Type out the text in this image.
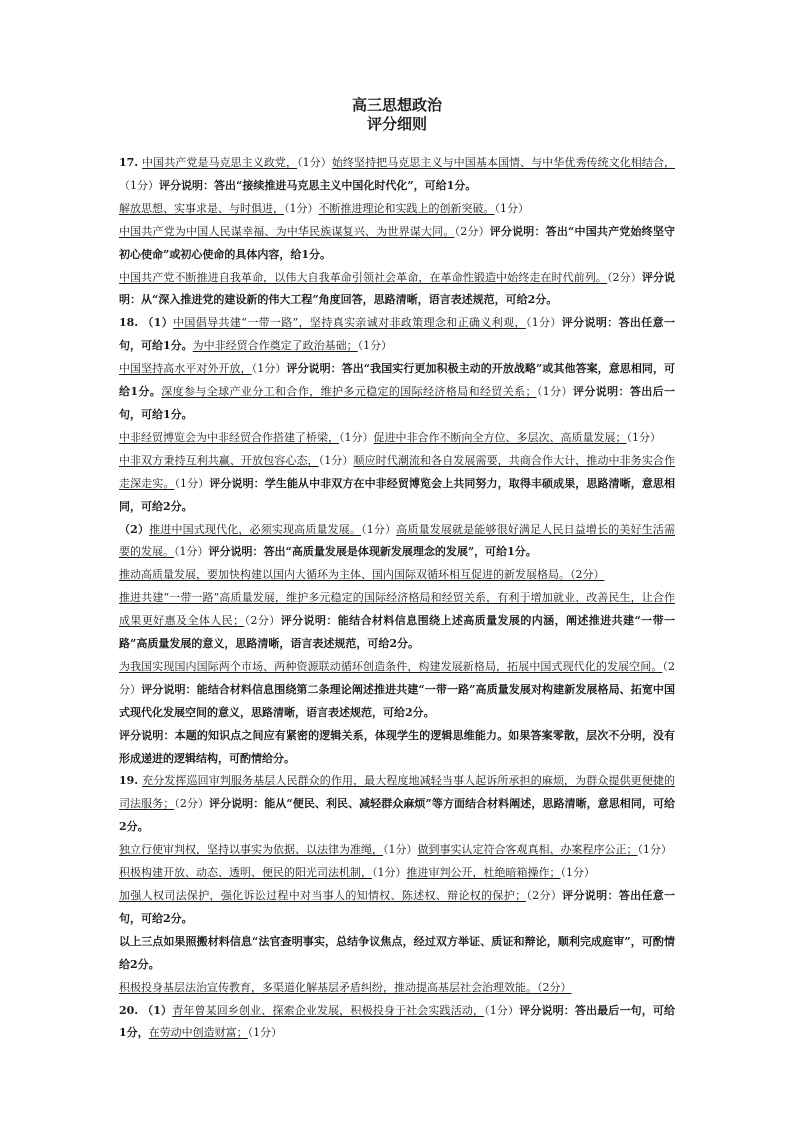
高三思想政治
评分细则

17. 中国共产党是马克思主义政党，（1分）始终坚持把马克思主义与中国基本国情、与中华优秀传统文化相结合，（1分）评分说明：答出“接续推进马克思主义中国化时代化”，可给1分。

解放思想、实事求是、与时俱进，（1分）不断推进理论和实践上的创新突破。（1分）

中国共产党为中国人民谋幸福、为中华民族谋复兴、为世界谋大同。（2分）评分说明：答出“中国共产党始终坚守初心使命”或初心使命的具体内容，给1分。

中国共产党不断推进自我革命，以伟大自我革命引领社会革命，在革命性锻造中始终走在时代前列。（2分）评分说明：从“深入推进党的建设新的伟大工程”角度回答，思路清晰，语言表述规范，可给2分。

18. （1）中国倡导共建“一带一路”，坚持真实亲诚对非政策理念和正确义利观，（1分）评分说明：答出任意一句，可给1分。为中非经贸合作奠定了政治基础；（1分）

中国坚持高水平对外开放，（1分）评分说明：答出“我国实行更加积极主动的开放战略”或其他答案，意思相同，可给1分。深度参与全球产业分工和合作，维护多元稳定的国际经济格局和经贸关系；（1分）评分说明：答出后一句，可给1分。

中非经贸博览会为中非经贸合作搭建了桥梁，（1分）促进中非合作不断向全方位、多层次、高质量发展；（1分）

中非双方秉持互利共赢、开放包容心态，（1分）顺应时代潮流和各自发展需要，共商合作大计，推动中非务实合作走深走实。（1分）评分说明：学生能从中非双方在中非经贸博览会上共同努力，取得丰硕成果，思路清晰，意思相同，可给2分。

（2）推进中国式现代化，必须实现高质量发展。（1分）高质量发展就是能够很好满足人民日益增长的美好生活需要的发展。（1分）评分说明：答出“高质量发展是体现新发展理念的发展”，可给1分。

推动高质量发展，要加快构建以国内大循环为主体、国内国际双循环相互促进的新发展格局。（2分）

推进共建“一带一路”高质量发展，维护多元稳定的国际经济格局和经贸关系，有利于增加就业、改善民生，让合作成果更好惠及全体人民；（2分）评分说明：能结合材料信息围绕上述高质量发展的内涵，阐述推进共建“一带一路”高质量发展的意义，思路清晰，语言表述规范，可给2分。

为我国实现国内国际两个市场、两种资源联动循环创造条件，构建发展新格局，拓展中国式现代化的发展空间。（2分）评分说明：能结合材料信息围绕第二条理论阐述推进共建“一带一路”高质量发展对构建新发展格局、拓宽中国式现代化发展空间的意义，思路清晰，语言表述规范，可给2分。

评分说明：本题的知识点之间应有紧密的逻辑关系，体现学生的逻辑思维能力。如果答案零散，层次不分明，没有形成递进的逻辑结构，可酌情给分。

19. 充分发挥巡回审判服务基层人民群众的作用，最大程度地减轻当事人起诉所承担的麻烦，为群众提供更便捷的司法服务；（2分）评分说明：能从“便民、利民、减轻群众麻烦”等方面结合材料阐述，思路清晰，意思相同，可给2分。

独立行使审判权，坚持以事实为依据、以法律为准绳，（1分）做到事实认定符合客观真相、办案程序公正；（1分）

积极构建开放、动态、透明、便民的阳光司法机制，（1分）推进审判公开，杜绝暗箱操作；（1分）

加强人权司法保护，强化诉讼过程中对当事人的知情权、陈述权、辩论权的保护；（2分）评分说明：答出任意一句，可给2分。

以上三点如果照搬材料信息“法官查明事实，总结争议焦点，经过双方举证、质证和辩论，顺利完成庭审”，可酌情给2分。

积极投身基层法治宣传教育，多渠道化解基层矛盾纠纷，推动提高基层社会治理效能。（2分）

20. （1）青年曾某回乡创业、探索企业发展，积极投身于社会实践活动，（1分）评分说明：答出最后一句，可给1分，在劳动中创造财富；（1分）
